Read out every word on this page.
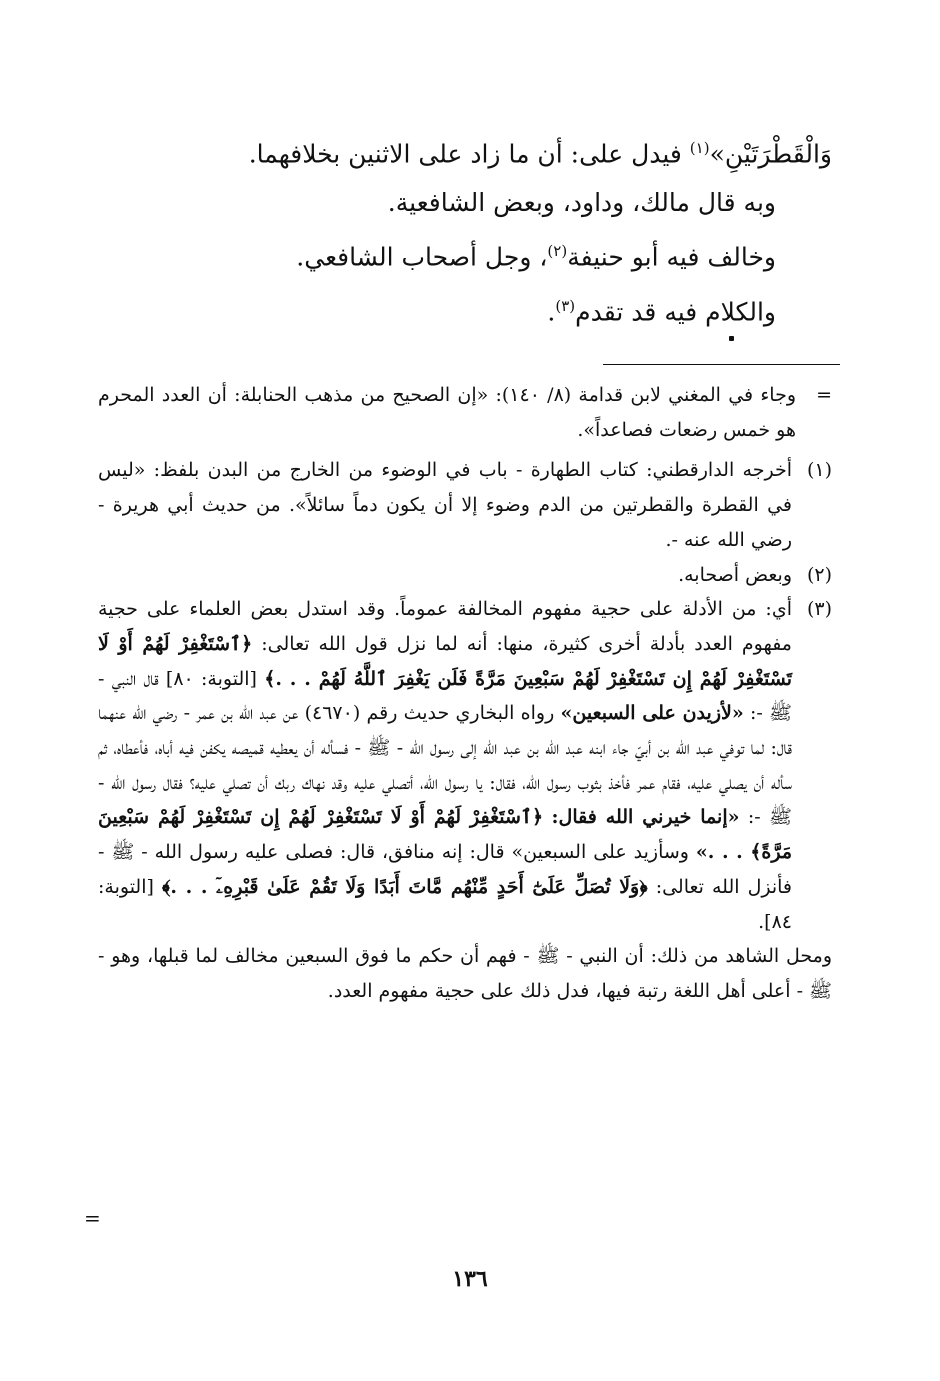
وَالْقَطْرَتَيْنِ»$^{(١)}$ فيدل على: أن ما زاد على الاثنين بخلافهما.

وبه قال مالك، وداود، وبعض الشافعية.

وخالف فيه أبو حنيفة$^{(٢)}$، وجل أصحاب الشافعي.

والكلام فيه قد تقدم$^{(٣)}$.

=
وجاء في المغني لابن قدامة (٨/ ١٤٠): «إن الصحيح من مذهب الحنابلة: أن العدد المحرم هو خمس رضعات فصاعداً».
(١)
أخرجه الدارقطني: كتاب الطهارة - باب في الوضوء من الخارج من البدن بلفظ: «ليس في القطرة والقطرتين من الدم وضوء إلا أن يكون دماً سائلاً». من حديث أبي هريرة - رضي الله عنه -.
(٢)
وبعض أصحابه.
(٣)
أي: من الأدلة على حجية مفهوم المخالفة عموماً. وقد استدل بعض العلماء على حجية مفهوم العدد بأدلة أخرى كثيرة، منها: أنه لما نزل قول الله تعالى: ﴿ٱسْتَغْفِرْ لَهُمْ أَوْ لَا تَسْتَغْفِرْ لَهُمْ إِن تَسْتَغْفِرْ لَهُمْ سَبْعِينَ مَرَّةً فَلَن يَغْفِرَ ٱللَّهُ لَهُمْ . . .﴾ [التوبة: ٨٠] قال النبي - ﷺ -: «لأزيدن على السبعين» رواه البخاري حديث رقم (٤٦٧٠) عن عبد الله بن عمر - رضي الله عنهما قال: لما توفي عبد الله بن أبيّ جاء ابنه عبد الله بن عبد الله إلى رسول الله - ﷺ - فسأله أن يعطيه قميصه يكفن فيه أباه، فأعطاه، ثم سأله أن يصلي عليه، فقام عمر فأخذ بثوب رسول الله، فقال: يا رسول الله، أتصلي عليه وقد نهاك ربك أن تصلي عليه؟ فقال رسول الله - ﷺ -: «إنما خيرني الله فقال: ﴿ٱسْتَغْفِرْ لَهُمْ أَوْ لَا تَسْتَغْفِرْ لَهُمْ إِن تَسْتَغْفِرْ لَهُمْ سَبْعِينَ مَرَّةً﴾ . . .» وسأزيد على السبعين» قال: إنه منافق، قال: فصلى عليه رسول الله - ﷺ - فأنزل الله تعالى: ﴿وَلَا تُصَلِّ عَلَىٰٓ أَحَدٍ مِّنْهُم مَّاتَ أَبَدًا وَلَا تَقُمْ عَلَىٰ قَبْرِهِۦٓ . . .﴾ [التوبة: ٨٤].

ومحل الشاهد من ذلك: أن النبي - ﷺ - فهم أن حكم ما فوق السبعين مخالف لما قبلها، وهو - ﷺ - أعلى أهل اللغة رتبة فيها، فدل ذلك على حجية مفهوم العدد.

=
١٣٦
